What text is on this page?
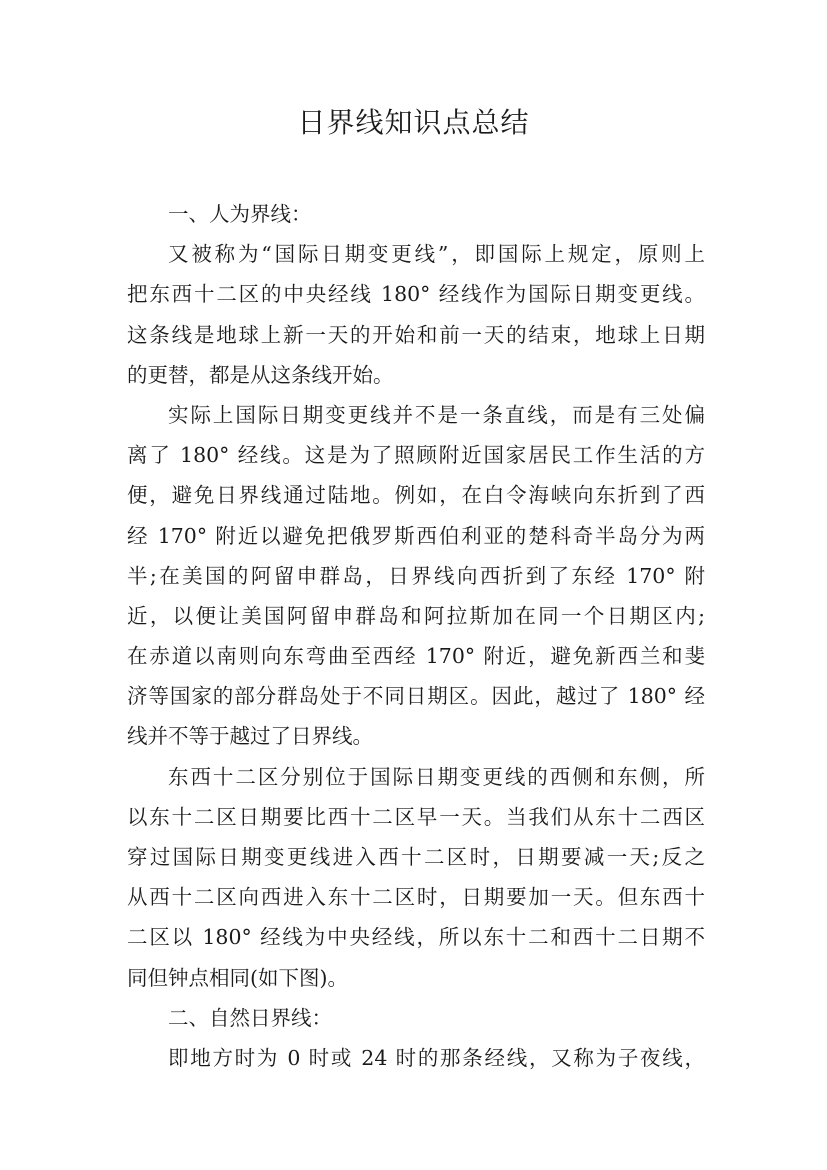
日界线知识点总结
一、人为界线：
又被称为“国际日期变更线”，即国际上规定，原则上
把东西十二区的中央经线 180° 经线作为国际日期变更线。
这条线是地球上新一天的开始和前一天的结束，地球上日期
的更替，都是从这条线开始。
实际上国际日期变更线并不是一条直线，而是有三处偏
离了 180° 经线。这是为了照顾附近国家居民工作生活的方
便，避免日界线通过陆地。例如，在白令海峡向东折到了西
经 170° 附近以避免把俄罗斯西伯利亚的楚科奇半岛分为两
半;在美国的阿留申群岛，日界线向西折到了东经 170° 附
近，以便让美国阿留申群岛和阿拉斯加在同一个日期区内;
在赤道以南则向东弯曲至西经 170° 附近，避免新西兰和斐
济等国家的部分群岛处于不同日期区。因此，越过了 180° 经
线并不等于越过了日界线。
东西十二区分别位于国际日期变更线的西侧和东侧，所
以东十二区日期要比西十二区早一天。当我们从东十二西区
穿过国际日期变更线进入西十二区时，日期要减一天;反之
从西十二区向西进入东十二区时，日期要加一天。但东西十
二区以 180° 经线为中央经线，所以东十二和西十二日期不
同但钟点相同(如下图)。
二、自然日界线：
即地方时为 0 时或 24 时的那条经线，又称为子夜线，
